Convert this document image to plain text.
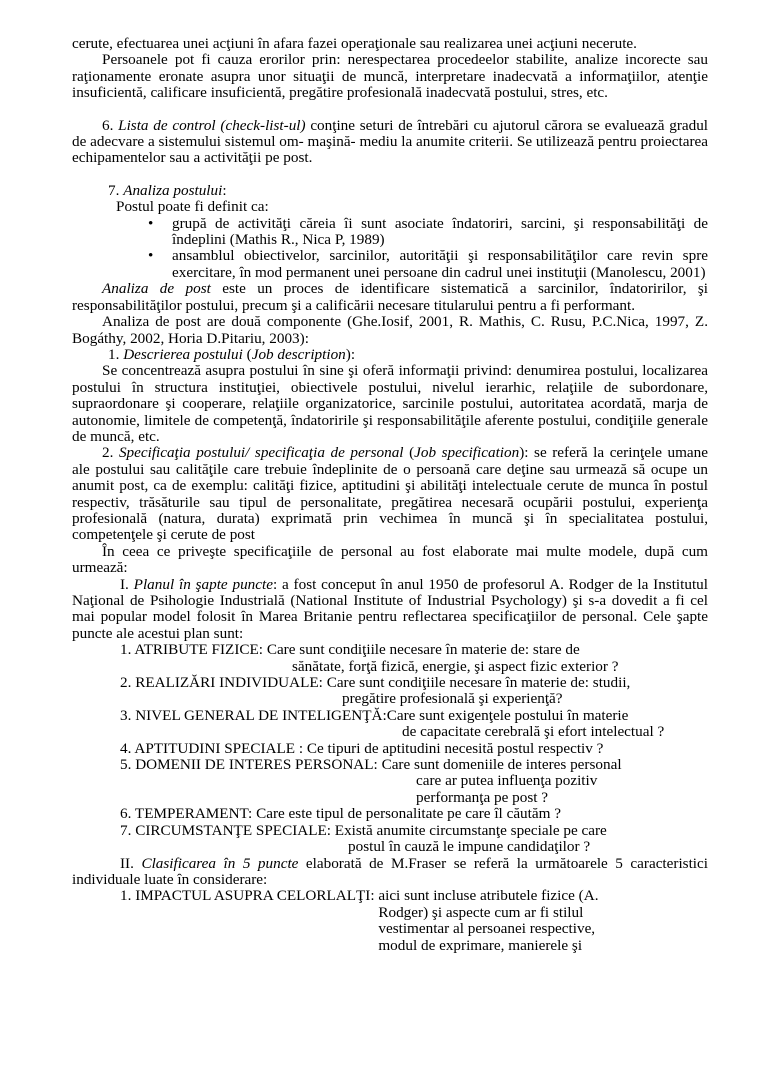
cerute, efectuarea unei acţiuni în afara fazei operaţionale sau realizarea unei acţiuni necerute.

Persoanele pot fi cauza erorilor prin: nerespectarea procedeelor stabilite, analize incorecte sau raţionamente eronate asupra unor situaţii de muncă, interpretare inadecvată a informaţiilor, atenţie insuficientă, calificare insuficientă, pregătire profesională inadecvată postului, stres, etc.

6. Lista de control (check-list-ul) conţine seturi de întrebări cu ajutorul cărora se evaluează gradul de adecvare a sistemului sistemul om- maşină- mediu la anumite criterii. Se utilizează pentru proiectarea echipamentelor sau a activităţii pe post.

7. Analiza postului:

Postul poate fi definit ca:

• grupă de activităţi căreia îi sunt asociate îndatoriri, sarcini, şi responsabilităţi de îndeplini (Mathis R., Nica P, 1989)
• ansamblul obiectivelor, sarcinilor, autorităţii şi responsabilităţilor care revin spre exercitare, în mod permanent unei persoane din cadrul unei instituţii (Manolescu, 2001)

Analiza de post este un proces de identificare sistematică a sarcinilor, îndatoririlor, şi responsabilităţilor postului, precum şi a calificării necesare titularului pentru a fi performant.

Analiza de post are două componente (Ghe.Iosif, 2001, R. Mathis, C. Rusu, P.C.Nica, 1997, Z. Bogáthy, 2002, Horia D.Pitariu, 2003):

1. Descrierea postului (Job description):

Se concentrează asupra postului în sine şi oferă informaţii privind: denumirea postului, localizarea postului în structura instituţiei, obiectivele postului, nivelul ierarhic, relaţiile de subordonare, supraordonare şi cooperare, relaţiile organizatorice, sarcinile postului, autoritatea acordată, marja de autonomie, limitele de competenţă, îndatoririle şi responsabilităţile aferente postului, condiţiile generale de muncă, etc.

2. Specificaţia postului/ specificaţia de personal (Job specification): se referă la cerinţele umane ale postului sau calităţile care trebuie îndeplinite de o persoană care deţine sau urmează să ocupe un anumit post, ca de exemplu: calităţi fizice, aptitudini şi abilităţi intelectuale cerute de munca în postul respectiv, trăsăturile sau tipul de personalitate, pregătirea necesară ocupării postului, experienţa profesională (natura, durata) exprimată prin vechimea în muncă şi în specialitatea postului, competenţele şi cerute de post

În ceea ce priveşte specificaţiile de personal au fost elaborate mai multe modele, după cum urmează:

I. Planul în şapte puncte: a fost conceput în anul 1950 de profesorul A. Rodger de la Institutul Naţional de Psihologie Industrială (National Institute of Industrial Psychology) şi s-a dovedit a fi cel mai popular model folosit în Marea Britanie pentru reflectarea specificaţiilor de personal. Cele şapte puncte ale acestui plan sunt:

1. ATRIBUTE FIZICE: Care sunt condiţiile necesare în materie de: stare de
sănătate, forţă fizică, energie, şi aspect fizic exterior ?
2. REALIZĂRI INDIVIDUALE: Care sunt condiţiile necesare în materie de: studii,
pregătire profesională şi experienţă?
3. NIVEL GENERAL DE INTELIGENŢĂ:Care sunt exigenţele postului în materie
de capacitate cerebrală şi efort intelectual ?
4. APTITUDINI SPECIALE : Ce tipuri de aptitudini necesită postul respectiv ?
5. DOMENII DE INTERES PERSONAL: Care sunt domeniile de interes personal
care ar putea influenţa pozitiv
performanţa pe post ?
6. TEMPERAMENT: Care este tipul de personalitate pe care îl căutăm ?
7. CIRCUMSTANŢE SPECIALE: Există anumite circumstanţe speciale pe care
postul în cauză le impune candidaţilor ?

II. Clasificarea în 5 puncte elaborată de M.Fraser se referă la următoarele 5 caracteristici individuale luate în considerare:

1. IMPACTUL ASUPRA CELORLALŢI: aici sunt incluse atributele fizice (A.
Rodger) şi aspecte cum ar fi stilul
vestimentar al persoanei respective,
modul de exprimare, manierele şi
